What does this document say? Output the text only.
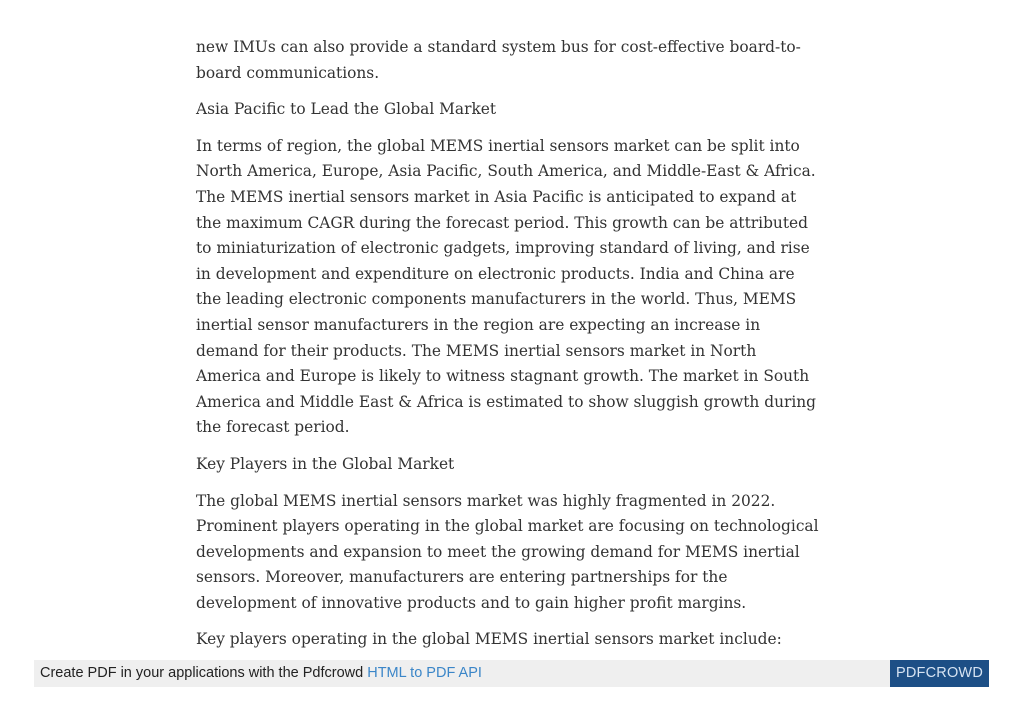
new IMUs can also provide a standard system bus for cost-effective board-to-board communications.

Asia Pacific to Lead the Global Market

In terms of region, the global MEMS inertial sensors market can be split into North America, Europe, Asia Pacific, South America, and Middle-East & Africa. The MEMS inertial sensors market in Asia Pacific is anticipated to expand at the maximum CAGR during the forecast period. This growth can be attributed to miniaturization of electronic gadgets, improving standard of living, and rise in development and expenditure on electronic products. India and China are the leading electronic components manufacturers in the world. Thus, MEMS inertial sensor manufacturers in the region are expecting an increase in demand for their products. The MEMS inertial sensors market in North America and Europe is likely to witness stagnant growth. The market in South America and Middle East & Africa is estimated to show sluggish growth during the forecast period.

Key Players in the Global Market

The global MEMS inertial sensors market was highly fragmented in 2022. Prominent players operating in the global market are focusing on technological developments and expansion to meet the growing demand for MEMS inertial sensors. Moreover, manufacturers are entering partnerships for the development of innovative products and to gain higher profit margins.

Key players operating in the global MEMS inertial sensors market include:

Create PDF in your applications with the Pdfcrowd HTML to PDF API	PDFCROWD
